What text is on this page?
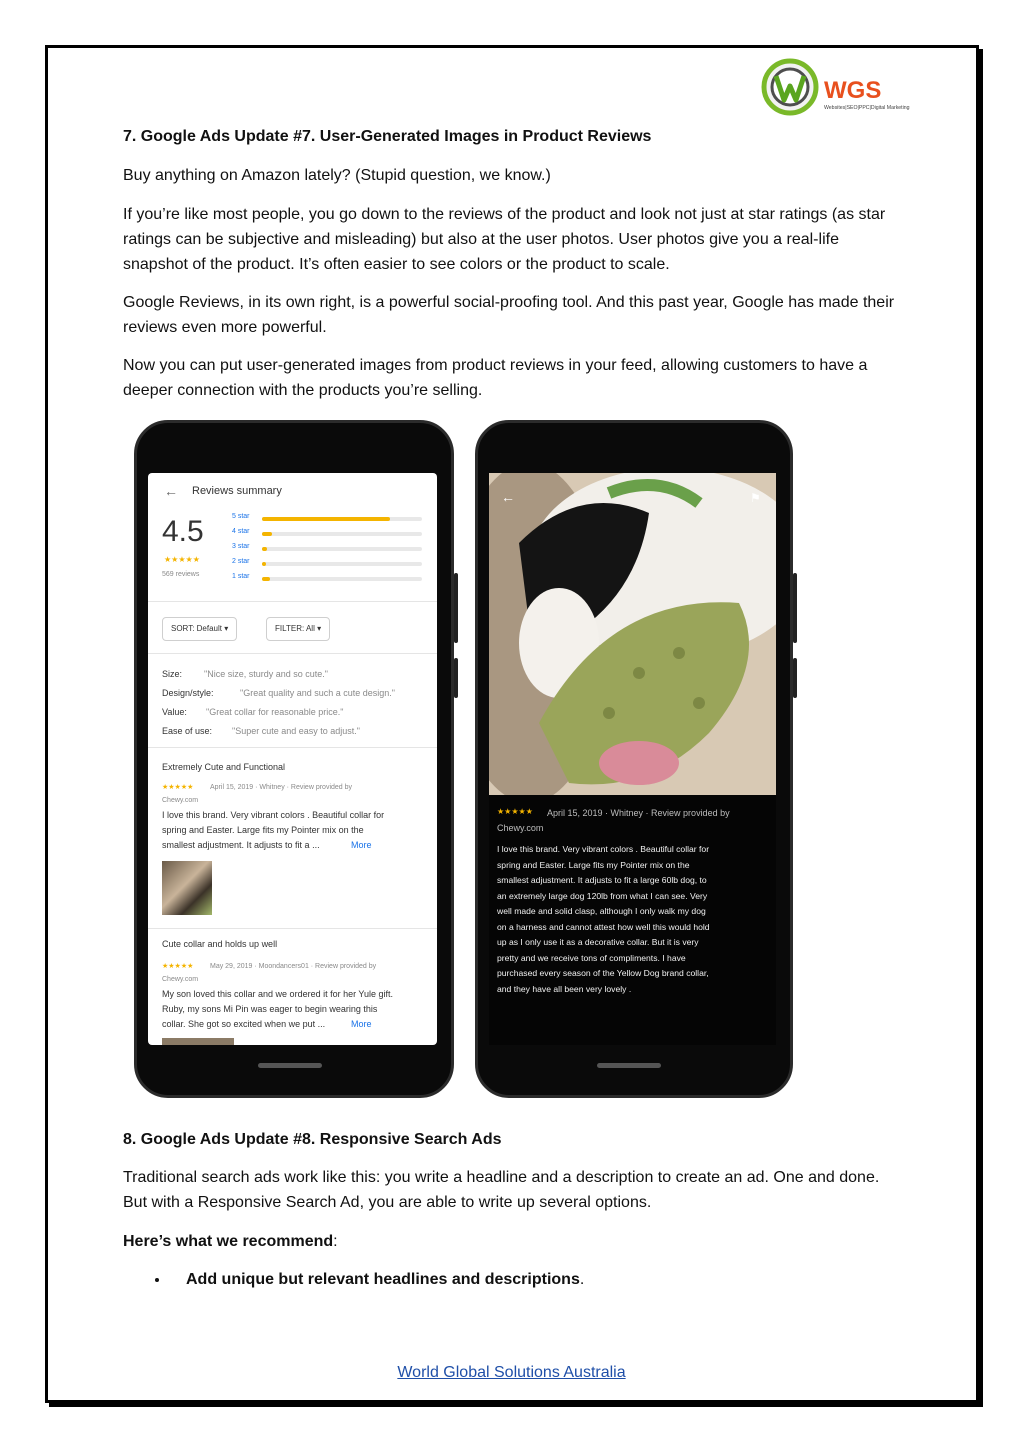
WGS
Websites|SEO|PPC|Digital Marketing

7. Google Ads Update #7. User-Generated Images in Product Reviews

Buy anything on Amazon lately? (Stupid question, we know.)

If you’re like most people, you go down to the reviews of the product and look not just at star ratings (as star ratings can be subjective and misleading) but also at the user photos. User photos give you a real-life snapshot of the product. It’s often easier to see colors or the product to scale.

Google Reviews, in its own right, is a powerful social-proofing tool. And this past year, Google has made their reviews even more powerful.

Now you can put user-generated images from product reviews in your feed, allowing customers to have a deeper connection with the products you’re selling.

← Reviews summary
4.5
★★★★★
569 reviews
5 star
4 star
3 star
2 star
1 star
SORT: Default ▾	FILTER: All ▾
Size: "Nice size, sturdy and so cute."
Design/style:	"Great quality and such a cute design."
Value: "Great collar for reasonable price."
Ease of use: "Super cute and easy to adjust."
Extremely Cute and Functional
★★★★★ April 15, 2019 · Whitney · Review provided by
Chewy.com
I love this brand. Very vibrant colors . Beautiful collar for
spring and Easter. Large fits my Pointer mix on the
smallest adjustment. It adjusts to fit a ...	More
Cute collar and holds up well
★★★★★ May 29, 2019 · Moondancers01 · Review provided by
Chewy.com
My son loved this collar and we ordered it for her Yule gift.
Ruby, my sons Mi Pin was eager to begin wearing this
collar. She got so excited when we put ...	More
←	⚑
★★★★★ April 15, 2019 · Whitney · Review provided by
Chewy.com
I love this brand. Very vibrant colors . Beautiful collar for
spring and Easter. Large fits my Pointer mix on the
smallest adjustment. It adjusts to fit a large 60lb dog, to
an extremely large dog 120lb from what I can see. Very
well made and solid clasp, although I only walk my dog
on a harness and cannot attest how well this would hold
up as I only use it as a decorative collar. But it is very
pretty and we receive tons of compliments. I have
purchased every season of the Yellow Dog brand collar,
and they have all been very lovely .

8. Google Ads Update #8. Responsive Search Ads

Traditional search ads work like this: you write a headline and a description to create an ad. One and done. But with a Responsive Search Ad, you are able to write up several options.

Here’s what we recommend:

• Add unique but relevant headlines and descriptions.
World Global Solutions Australia
